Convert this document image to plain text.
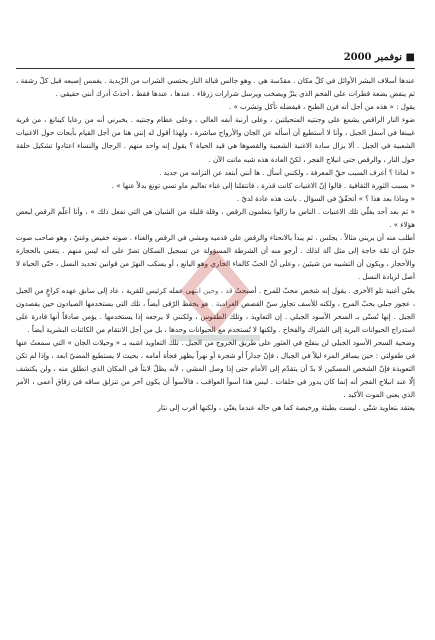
نوفمبر 2000 ■

عندها أسلاف البشر الأوائل في كلّ مكان . مقدّسة هي . وهو جالس قبالة النار يحتسي الشراب من الزّبدية . يغمس إصبعه قبل كلّ رشفة ، ثم ينفض بضعة قطرات على الفحم الذي يئزّ ويصخب ويرسل شرارات زرقاء . عندها ، عندها فقط ، أخذتُ أدرك أنني حقيقي .

يقول : « هذه من أجل أنه فرن الطبخ ، فيفضله تأكل وتشرب » .

ضوء النار الراقص يشمع على وجنتيه المتحيلتين ، وعلى أرنبة أنفه العالي ، وعلى عظام وجنتيه . يخبرني أنه من رعايا كينانغ ، من قرية غيبنغا في أسفل الجبل ، وأنا لا أستطيع أن أسأله عن الجان والأرواح مباشرة ، ولهذا أقول له إنني هنا من أجل القيام بأبحاث حول الاغنيات الشعبية في الجبل . ألا يزال سادة الاغنية الشعبية والقصوها هي قيد الحياة ؟ يقول إنه واحد منهم . الرجال والنساء اعتادوا تشكيل حلقة حول النار ، والرقص حتى انبلاج الفجر ، لكنّ العادة هذه شبه ماتت الآن .

« لماذا ؟ أعرف السبب حقّ المعرفة ، ولكنني أسأل . ها أنني أبتعد عن التزامه من جديد .

« بسبب الثورة الثقافية . قالوا إنّ الاغنيات كانت قذرة ، فانتقلنا إلى غناء تعاليم ماو تسي تونغ بدلاً عنها » .

« وماذا بعد هذا ؟ » أتحقّقُ في السؤال . بانت هذه عادة لديّ .

« ثم بعد أحد يغلّي تلك الاغنيات . الناس ما زالوا يتعلمون الرقص ، وقلة قليلة من الشبان هي التي تفعل ذلك » ، وأنا أعلّم الرقص لبعض هؤلاء » .

أطلب منه أن يريني مثالاً . يجلس . ثم يبدأ بالانحناء والرقص على قدميه ومشي في الرقص والغناء . صوته خفيض وغنيّ ، وهو صاحب صوت جليّ أن ثمّة حاجة إلى مثل آلة لذلك . أرجو منه أن الشرطة المسؤولة عن تسجيل السكان تصرّ على أنه ليس منهم . يتغني بالحجارة والأحجار ، ويكون أن التشبيه من شيئين ، وعلى أنّ الحبّ كالماء الجاري وهو اليانع ، أو يسكب النهرُ من قوانين تحديد النسل ، حتّى الحياة لا أصل لزيادة النسل .

يغنّي أغنية تلو الأخرى . يقول إنه شخص محبّ للمرح . أصبحتُ قد ، وحين انتهى عمله كرئيس للقرية ، عاد إلى سابق عهده كراعٍ من الجبل ، عجوز جبلي يحبّ المرح ، ولكنه للأسف تجاوز سنّ القصص الغرامية . هو يحفظ الرّقى أيضاً ، تلك التي يستخدمها الصيادون حين يقصدون الجبل . إنها تُسنّى بـ السحر الأسود الجبلي . إن التعاويذ ، وتلك الطقوس ، ولكنني لا يرجعه إذا يستخدمها . يؤمن صادقاً أنها قادرة على استدراج الحيوانات البرية إلى الشراك والفخاخ . ولكنها لا تُستخدم مع الحيوانات وحدها ، بل من أجل الانتقام من الكائنات البشرية أيضاً .

وضحية السحر الأسود الجبلي لن ينفلح في العثور على طريق الخروج من الجبل . تلك التعاويذ اشبه بـ « وحيلات الجان » التي سمعتُ عنها في طفولتي : حين يسافر المرء ليلاً في الجبال ، فإنّ جداراً أو شجرة أو نهراً يظهر فجأة أمامه ، بحيث لا يستطيع المضيّ ابعد ، وإذا لم تكن التعويذة فإنّ الشخص المسكين لا بدّ أن يتقدّم إلى الأمام حتى إذا وصل المشي ، لأنه يظلّ لابثاً في المكان الذي انطلق منه ، ولن يكتشف إلّا عند انبلاج الفجر أنه إنما كان يدور في حلقات . ليس هذا أسوأ العواقب ، فالأسوأ أن يكون آخر من تنزلق ساقه في زقاق أعمى ، الأمر الذي يعني الموت الأكيد .

يعتقد بتعاويذ شتّى . ليست بطيئة ورخيصة كما هي حاله عندما يغنّي ، ولكنها أقرب إلى نثار
